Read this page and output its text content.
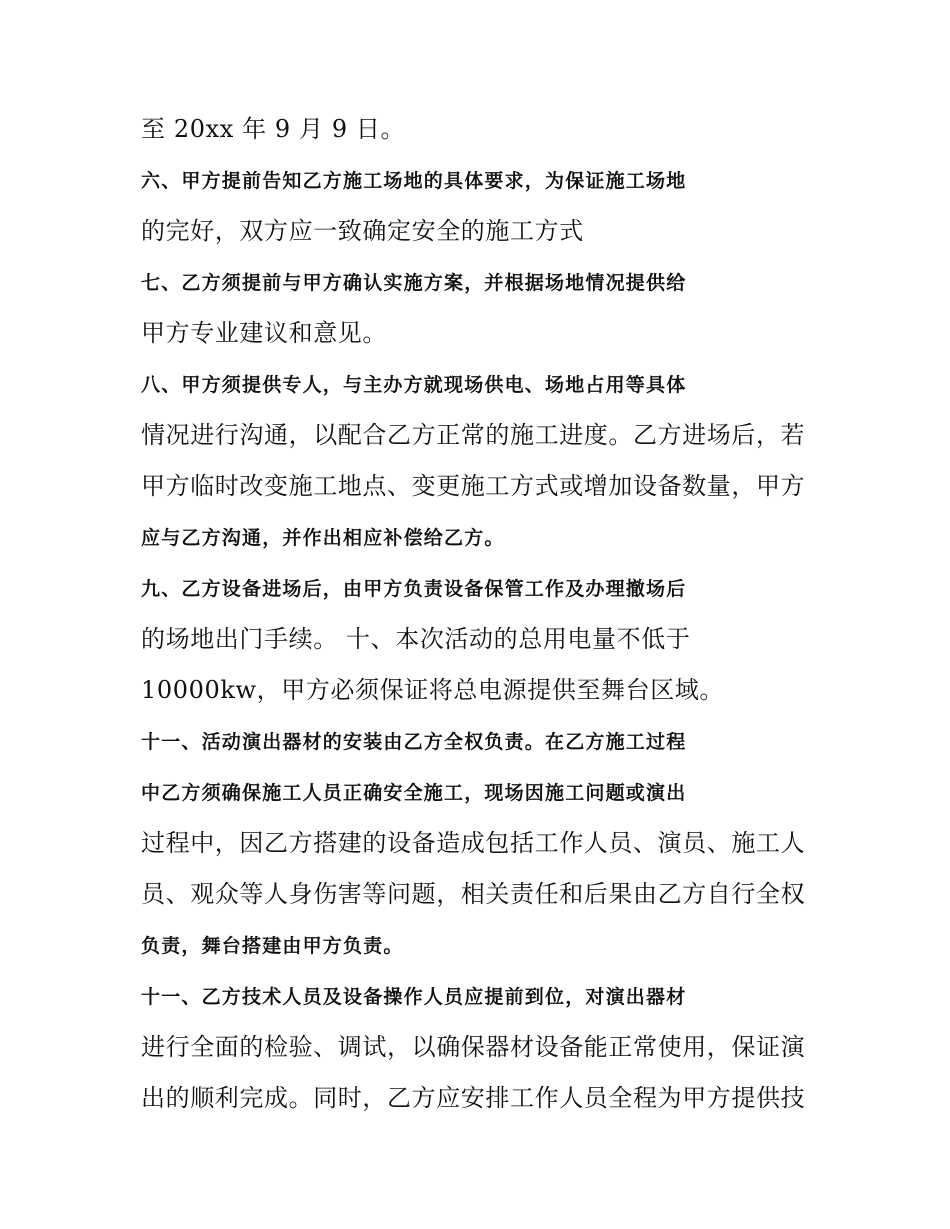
至 20xx 年 9 月 9 日。

六、甲方提前告知乙方施工场地的具体要求，为保证施工场地

的完好，双方应一致确定安全的施工方式

七、乙方须提前与甲方确认实施方案，并根据场地情况提供给

甲方专业建议和意见。

八、甲方须提供专人，与主办方就现场供电、场地占用等具体

情况进行沟通，以配合乙方正常的施工进度。乙方进场后，若

甲方临时改变施工地点、变更施工方式或增加设备数量，甲方

应与乙方沟通，并作出相应补偿给乙方。

九、乙方设备进场后，由甲方负责设备保管工作及办理撤场后

的场地出门手续。 十、本次活动的总用电量不低于

10000kw，甲方必须保证将总电源提供至舞台区域。

十一、活动演出器材的安装由乙方全权负责。在乙方施工过程

中乙方须确保施工人员正确安全施工，现场因施工问题或演出

过程中，因乙方搭建的设备造成包括工作人员、演员、施工人

员、观众等人身伤害等问题，相关责任和后果由乙方自行全权

负责，舞台搭建由甲方负责。

十一、乙方技术人员及设备操作人员应提前到位，对演出器材

进行全面的检验、调试，以确保器材设备能正常使用，保证演

出的顺利完成。同时，乙方应安排工作人员全程为甲方提供技
